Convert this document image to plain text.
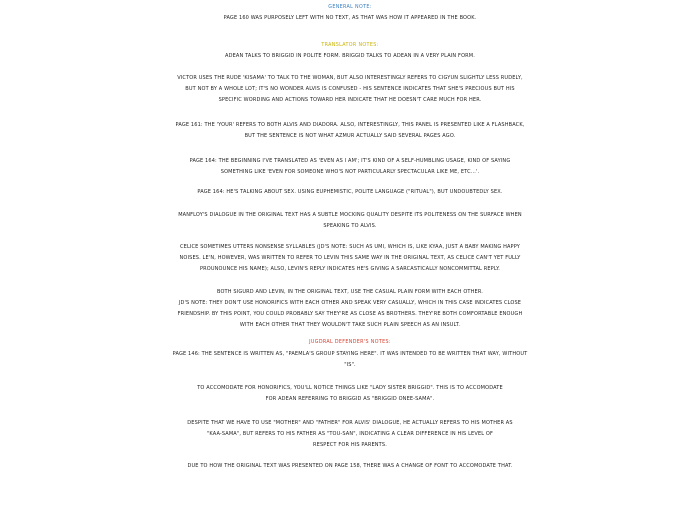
GENERAL NOTE:

PAGE 160 WAS PURPOSELY LEFT WITH NO TEXT, AS THAT WAS HOW IT APPEARED IN THE BOOK.

TRANSLATOR NOTES:

ADEAN TALKS TO BRIGGID IN POLITE FORM. BRIGGID TALKS TO ADEAN IN A VERY PLAIN FORM.

VICTOR USES THE RUDE 'KISAMA' TO TALK TO THE WOMAN, BUT ALSO INTERESTINGLY REFERS TO CIGYUN SLIGHTLY LESS RUDELY,

BUT NOT BY A WHOLE LOT; IT'S NO WONDER ALVIS IS CONFUSED - HIS SENTENCE INDICATES THAT SHE'S PRECIOUS BUT HIS

SPECIFIC WORDING AND ACTIONS TOWARD HER INDICATE THAT HE DOESN'T CARE MUCH FOR HER.

PAGE 161: THE 'YOUR' REFERS TO BOTH ALVIS AND DIADORA. ALSO, INTERESTINGLY, THIS PANEL IS PRESENTED LIKE A FLASHBACK,

BUT THE SENTENCE IS NOT WHAT AZMUR ACTUALLY SAID SEVERAL PAGES AGO.

PAGE 164: THE BEGINNING I'VE TRANSLATED AS 'EVEN AS I AM'; IT'S KIND OF A SELF-HUMBLING USAGE, KIND OF SAYING

SOMETHING LIKE 'EVEN FOR SOMEONE WHO'S NOT PARTICULARLY SPECTACULAR LIKE ME, ETC...'.

PAGE 164: HE'S TALKING ABOUT SEX. USING EUPHEMISTIC, POLITE LANGUAGE ("RITUAL"), BUT UNDOUBTEDLY SEX.

MANFLOY'S DIALOGUE IN THE ORIGINAL TEXT HAS A SUBTLE MOCKING QUALITY DESPITE ITS POLITENESS ON THE SURFACE WHEN

SPEAKING TO ALVIS.

CELICE SOMETIMES UTTERS NONSENSE SYLLABLES (JD'S NOTE: SUCH AS UMI, WHICH IS, LIKE KYAA, JUST A BABY MAKING HAPPY

NOISES. LE'N, HOWEVER, WAS WRITTEN TO REFER TO LEVIN THIS SAME WAY IN THE ORIGINAL TEXT, AS CELICE CAN'T YET FULLY

PROUNOUNCE HIS NAME); ALSO, LEVIN'S REPLY INDICATES HE'S GIVING A SARCASTICALLY NONCOMMITTAL REPLY.

BOTH SIGURD AND LEVIN, IN THE ORIGINAL TEXT, USE THE CASUAL PLAIN FORM WITH EACH OTHER.

JD'S NOTE: THEY DON'T USE HONORIFICS WITH EACH OTHER AND SPEAK VERY CASUALLY, WHICH IN THIS CASE INDICATES CLOSE

FRIENDSHIP. BY THIS POINT, YOU COULD PROBABLY SAY THEY'RE AS CLOSE AS BROTHERS. THEY'RE BOTH COMFORTABLE ENOUGH

WITH EACH OTHER THAT THEY WOULDN'T TAKE SUCH PLAIN SPEECH AS AN INSULT.

JUGDRAL DEFENDER'S NOTES:

PAGE 146: THE SENTENCE IS WRITTEN AS, "PAEMLA'S GROUP STAYING HERE". IT WAS INTENDED TO BE WRITTEN THAT WAY, WITHOUT

"IS".

TO ACCOMODATE FOR HONORIFICS, YOU'LL NOTICE THINGS LIKE "LADY SISTER BRIGGID". THIS IS TO ACCOMODATE

FOR ADEAN REFERRING TO BRIGGID AS "BRIGGID ONEE-SAMA".

DESPITE THAT WE HAVE TO USE "MOTHER" AND "FATHER" FOR ALVIS' DIALOGUE, HE ACTUALLY REFERS TO HIS MOTHER AS

"KAA-SAMA", BUT REFERS TO HIS FATHER AS "TOU-SAN", INDICATING A CLEAR DIFFERENCE IN HIS LEVEL OF

RESPECT FOR HIS PARENTS.

DUE TO HOW THE ORIGINAL TEXT WAS PRESENTED ON PAGE 158, THERE WAS A CHANGE OF FONT TO ACCOMODATE THAT.
